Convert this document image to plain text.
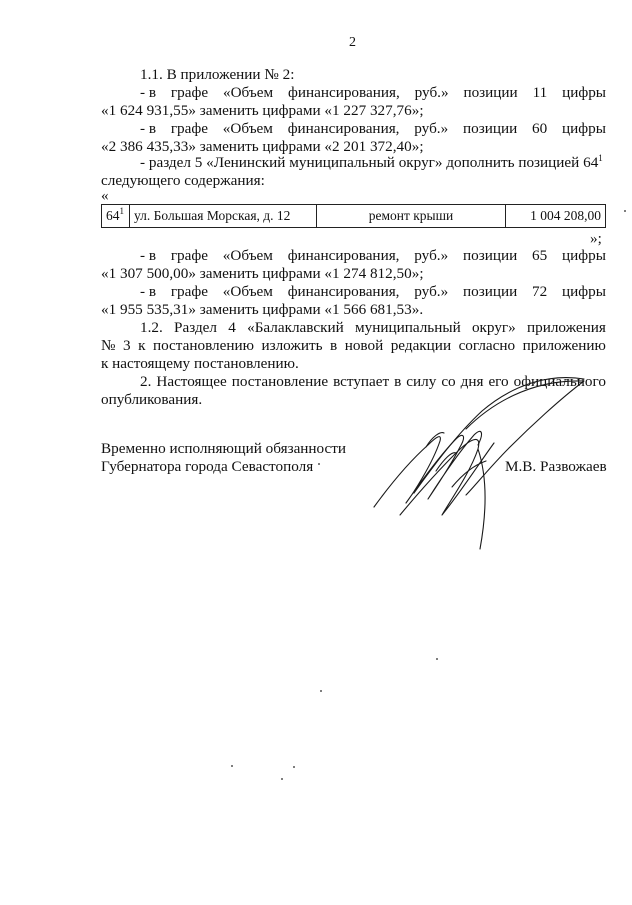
2
1.1. В приложении № 2:
- в графе «Объем финансирования, руб.» позиции 11 цифры
«1 624 931,55» заменить цифрами «1 227 327,76»;
- в графе «Объем финансирования, руб.» позиции 60 цифры
«2 386 435,33» заменить цифрами «2 201 372,40»;
- раздел 5 «Ленинский муниципальный округ» дополнить позицией $64^1$
следующего содержания:
«
$64^1$	ул. Большая Морская, д. 12	ремонт крыши	1 004 208,00
»;
- в графе «Объем финансирования, руб.» позиции 65 цифры
«1 307 500,00» заменить цифрами «1 274 812,50»;
- в графе «Объем финансирования, руб.» позиции 72 цифры
«1 955 535,31» заменить цифрами «1 566 681,53».
1.2. Раздел 4 «Балаклавский муниципальный округ» приложения
№ 3 к постановлению изложить в новой редакции согласно приложению
к настоящему постановлению.
2. Настоящее постановление вступает в силу со дня его официального
опубликования.
Временно исполняющий обязанности
Губернатора города Севастополя	М.В. Развожаев
